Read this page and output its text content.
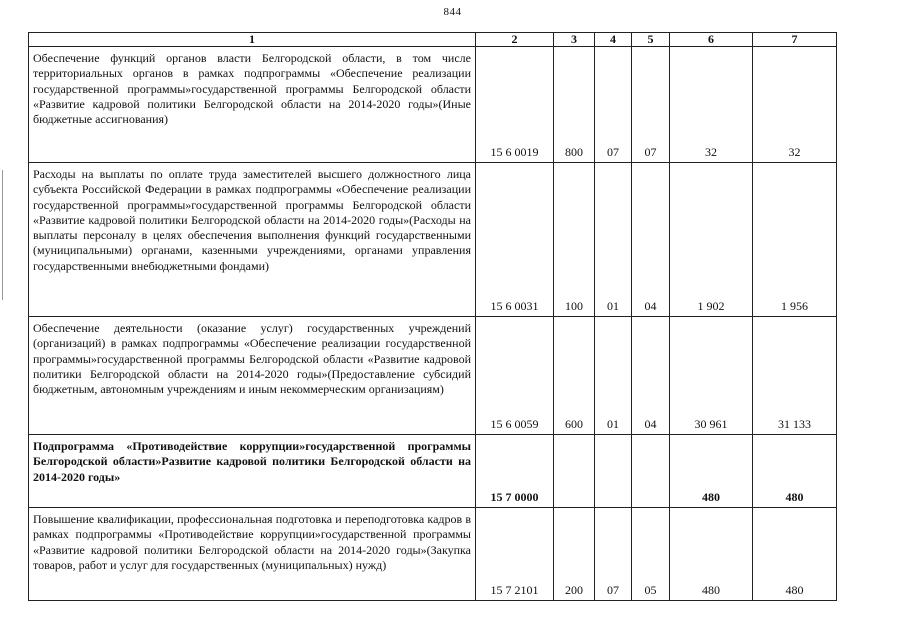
844
1	2	3	4	5	6	7
Обеспечение функций органов власти Белгородской области, в том числе территориальных органов в рамках подпрограммы «Обеспечение реализации государственной программы»государственной программы Белгородской области «Развитие кадровой политики Белгородской области на 2014-2020 годы»(Иные бюджетные ассигнования)	15 6 0019	800	07	07	32	32
Расходы на выплаты по оплате труда заместителей высшего должностного лица субъекта Российской Федерации в рамках подпрограммы «Обеспечение реализации государственной программы»государственной программы Белгородской области «Развитие кадровой политики Белгородской области на 2014-2020 годы»(Расходы на выплаты персоналу в целях обеспечения выполнения функций государственными (муниципальными) органами, казенными учреждениями, органами управления государственными внебюджетными фондами)	15 6 0031	100	01	04	1 902	1 956
Обеспечение деятельности (оказание услуг) государственных учреждений (организаций) в рамках подпрограммы «Обеспечение реализации государственной программы»государственной программы Белгородской области «Развитие кадровой политики Белгородской области на 2014-2020 годы»(Предоставление субсидий бюджетным, автономным учреждениям и иным некоммерческим организациям)	15 6 0059	600	01	04	30 961	31 133
Подпрограмма «Противодействие коррупции»государственной программы Белгородской области»Развитие кадровой политики Белгородской области на 2014-2020 годы»	15 7 0000				480	480
Повышение квалификации, профессиональная подготовка и переподготовка кадров в рамках подпрограммы «Противодействие коррупции»государственной программы «Развитие кадровой политики Белгородской области на 2014-2020 годы»(Закупка товаров, работ и услуг для государственных (муниципальных) нужд)	15 7 2101	200	07	05	480	480
